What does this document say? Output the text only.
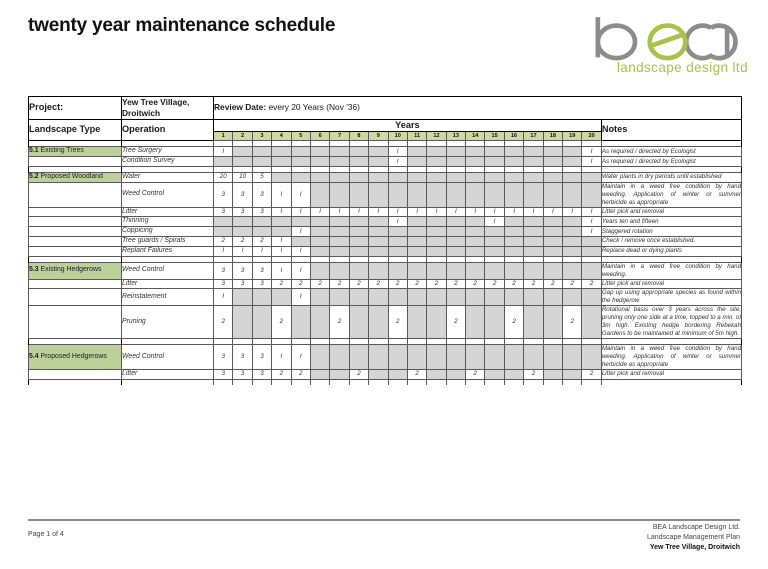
twenty year maintenance schedule
landscape design ltd
Project:	Yew Tree Village, Droitwich	Review Date: every 20 Years (Nov '36)																				
Landscape Type	Operation	Years																				Notes
		1	2	3	4	5	6	7	8	9	10	11	12	13	14	15	16	17	18	19	20	

5.1 Existing Trees	Tree Surgery	I									I										I	As required / directed by Ecologist
	Condition Survey										I										I	As required / directed by Ecologist

5.2 Proposed Woodland	Water	20	10	5																		Water plants in dry periods until established
	Weed Control	3	3	3	I	I																Maintain in a weed free condition by hand weeding. Application of winter or summer herbicide as appropriate
	Litter	3	3	3	I	I	I	I	I	I	I	I	I	I	I	I	I	I	I	I	I	Litter pick and removal
	Thinning										I					I					I	Years ten and fifteen
	Coppicing					I															I	Staggered rotation
	Tree guards / Spirals	2	2	2	I																	Check / remove once established.
	Replant Failures	I	I	I	I	I																Replace dead or dying plants

5.3 Existing Hedgerows	Weed Control	3	3	3	I	I																Maintain in a weed free condition by hand weeding.
	Litter	3	3	3	2	2	2	2	2	2	2	2	2	2	2	2	2	2	2	2	2	Litter pick and removal
	Reinstatement	I				I																Gap up using appropriate species as found within the hedgerow
	Pruning	2			2			2			2			2			2			2		Rotational basis over 3 years across the site, pruning only one side at a time, topped to a min. of 3m high. Existing hedge bordering Rebekah Gardens to be maintained at minimum of 5m high.

5.4 Proposed Hedgerows	Weed Control	3	3	3	I	I																Maintain in a weed free condition by hand weeding. Application of winter or summer herbicide as appropriate
	Litter	3	3	3	2	2			2			2			2			2			2	Litter pick and removal

Page 1 of 4
BEA Landscape Design Ltd.
Landscape Management Plan
Yew Tree Village, Droitwich
